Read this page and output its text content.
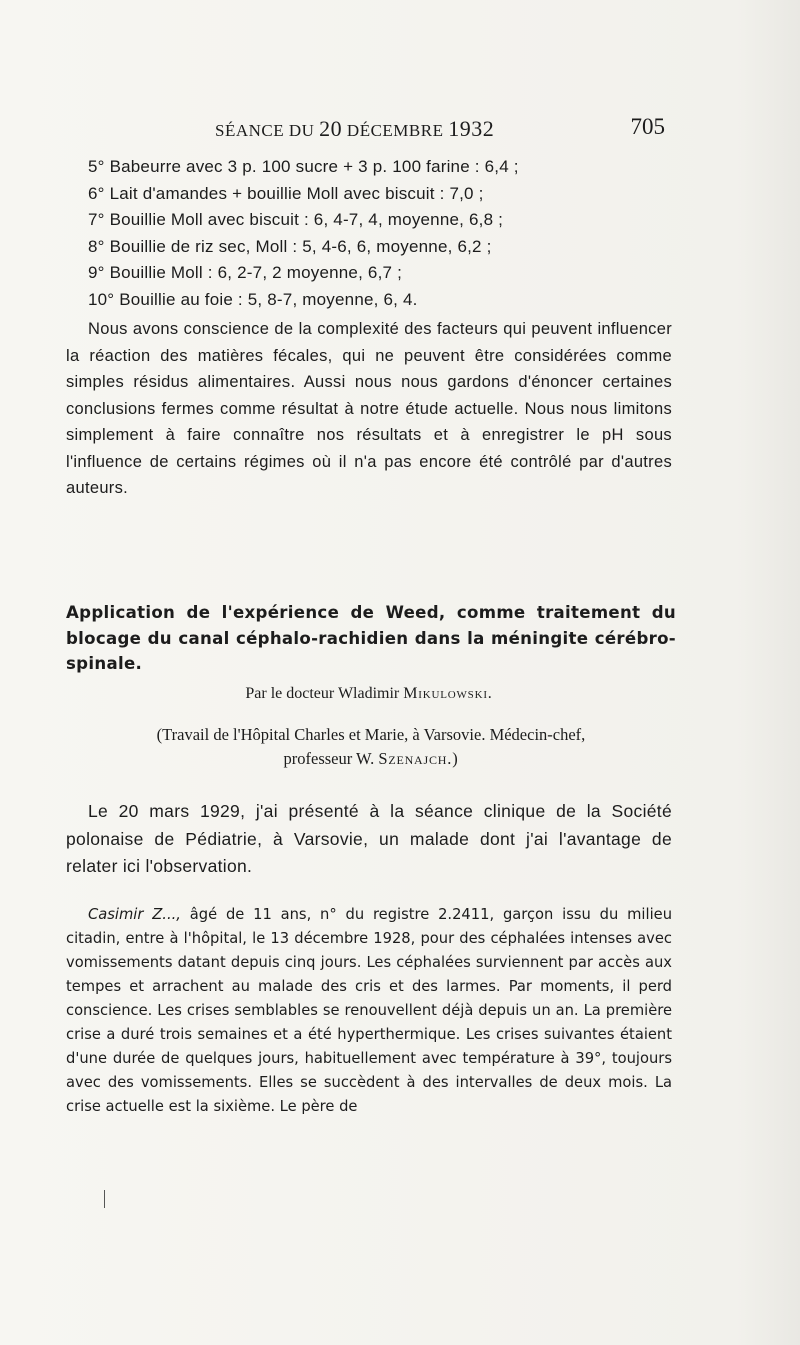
SÉANCE DU 20 DÉCEMBRE 1932	705
5° Babeurre avec 3 p. 100 sucre + 3 p. 100 farine : 6,4 ;
6° Lait d'amandes + bouillie Moll avec biscuit : 7,0 ;
7° Bouillie Moll avec biscuit : 6, 4-7, 4, moyenne, 6,8 ;
8° Bouillie de riz sec, Moll : 5, 4-6, 6, moyenne, 6,2 ;
9° Bouillie Moll : 6, 2-7, 2 moyenne, 6,7 ;
10° Bouillie au foie : 5, 8-7, moyenne, 6, 4.
Nous avons conscience de la complexité des facteurs qui peuvent influencer la réaction des matières fécales, qui ne peuvent être considérées comme simples résidus alimentaires. Aussi nous nous gardons d'énoncer certaines conclusions fermes comme résultat à notre étude actuelle. Nous nous limitons simplement à faire connaître nos résultats et à enregistrer le pH sous l'influence de certains régimes où il n'a pas encore été contrôlé par d'autres auteurs.
Application de l'expérience de Weed, comme traitement du blocage du canal céphalo-rachidien dans la méningite cérébro-spinale.
Par le docteur Wladimir Mikulowski.
(Travail de l'Hôpital Charles et Marie, à Varsovie. Médecin-chef,
professeur W. Szenajch.)
Le 20 mars 1929, j'ai présenté à la séance clinique de la Société polonaise de Pédiatrie, à Varsovie, un malade dont j'ai l'avantage de relater ici l'observation.
Casimir Z..., âgé de 11 ans, n° du registre 2.2411, garçon issu du milieu citadin, entre à l'hôpital, le 13 décembre 1928, pour des céphalées intenses avec vomissements datant depuis cinq jours. Les céphalées surviennent par accès aux tempes et arrachent au malade des cris et des larmes. Par moments, il perd conscience. Les crises semblables se renouvellent déjà depuis un an. La première crise a duré trois semaines et a été hyperthermique. Les crises suivantes étaient d'une durée de quelques jours, habituellement avec température à 39°, toujours avec des vomissements. Elles se succèdent à des intervalles de deux mois. La crise actuelle est la sixième. Le père de
